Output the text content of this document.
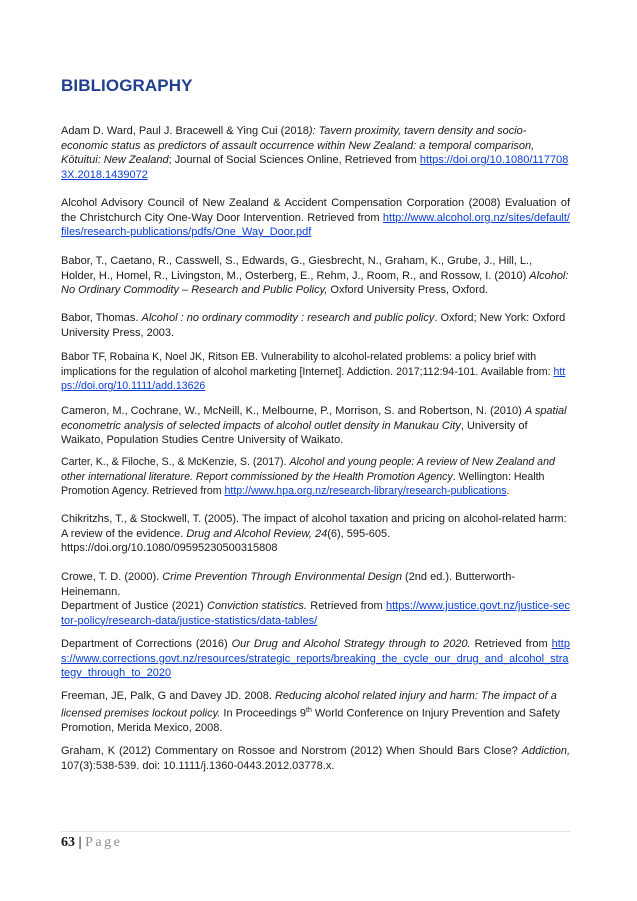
BIBLIOGRAPHY

Adam D. Ward, Paul J. Bracewell & Ying Cui (2018): Tavern proximity, tavern density and socio-economic status as predictors of assault occurrence within New Zealand: a temporal comparison, Kōtuitui: New Zealand; Journal of Social Sciences Online, Retrieved from https://doi.org/10.1080/1177083X.2018.1439072

Alcohol Advisory Council of New Zealand & Accident Compensation Corporation (2008) Evaluation of the Christchurch City One-Way Door Intervention. Retrieved from http://www.alcohol.org.nz/sites/default/files/research-publications/pdfs/One_Way_Door.pdf

Babor, T., Caetano, R., Casswell, S., Edwards, G., Giesbrecht, N., Graham, K., Grube, J., Hill, L., Holder, H., Homel, R., Livingston, M., Osterberg, E., Rehm, J., Room, R., and Rossow, I. (2010) Alcohol: No Ordinary Commodity – Research and Public Policy, Oxford University Press, Oxford.

Babor, Thomas. Alcohol : no ordinary commodity : research and public policy. Oxford; New York: Oxford University Press, 2003.

Babor TF, Robaina K, Noel JK, Ritson EB. Vulnerability to alcohol-related problems: a policy brief with implications for the regulation of alcohol marketing [Internet]. Addiction. 2017;112:94-101. Available from: https://doi.org/10.1111/add.13626

Cameron, M., Cochrane, W., McNeill, K., Melbourne, P., Morrison, S. and Robertson, N. (2010) A spatial econometric analysis of selected impacts of alcohol outlet density in Manukau City, University of Waikato, Population Studies Centre University of Waikato.

Carter, K., & Filoche, S., & McKenzie, S. (2017). Alcohol and young people: A review of New Zealand and other international literature. Report commissioned by the Health Promotion Agency. Wellington: Health Promotion Agency. Retrieved from http://www.hpa.org.nz/research-library/research-publications.

Chikritzhs, T., & Stockwell, T. (2005). The impact of alcohol taxation and pricing on alcohol-related harm: A review of the evidence. Drug and Alcohol Review, 24(6), 595-605. https://doi.org/10.1080/09595230500315808

Crowe, T. D. (2000). Crime Prevention Through Environmental Design (2nd ed.). Butterworth-Heinemann.

Department of Justice (2021) Conviction statistics. Retrieved from https://www.justice.govt.nz/justice-sector-policy/research-data/justice-statistics/data-tables/

Department of Corrections (2016) Our Drug and Alcohol Strategy through to 2020. Retrieved from https://www.corrections.govt.nz/resources/strategic_reports/breaking_the_cycle_our_drug_and_alcohol_strategy_through_to_2020

Freeman, JE, Palk, G and Davey JD. 2008. Reducing alcohol related injury and harm: The impact of a licensed premises lockout policy. In Proceedings 9th World Conference on Injury Prevention and Safety Promotion, Merida Mexico, 2008.

Graham, K (2012) Commentary on Rossoe and Norstrom (2012) When Should Bars Close? Addiction, 107(3):538-539. doi: 10.1111/j.1360-0443.2012.03778.x.

63 | Page
